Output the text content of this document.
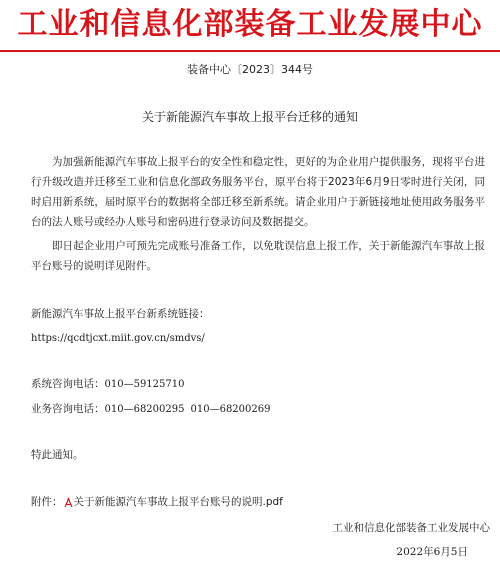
工业和信息化部装备工业发展中心
装备中心〔2023〕344号
关于新能源汽车事故上报平台迁移的通知

为加强新能源汽车事故上报平台的安全性和稳定性，更好的为企业用户提供服务，现将平台进行升级改造并迁移至工业和信息化部政务服务平台，原平台将于2023年6月9日零时进行关闭，同时启用新系统，届时原平台的数据将全部迁移至新系统。请企业用户于新链接地址使用政务服务平台的法人账号或经办人账号和密码进行登录访问及数据提交。

即日起企业用户可预先完成账号准备工作，以免耽误信息上报工作，关于新能源汽车事故上报平台账号的说明详见附件。

新能源汽车事故上报平台新系统链接：
https://qcdtjcxt.miit.gov.cn/smdvs/
系统咨询电话：010—59125710
业务咨询电话：010—68200295 010—68200269
特此通知。
附件： 关于新能源汽车事故上报平台账号的说明.pdf
工业和信息化部装备工业发展中心
2022年6月5日
